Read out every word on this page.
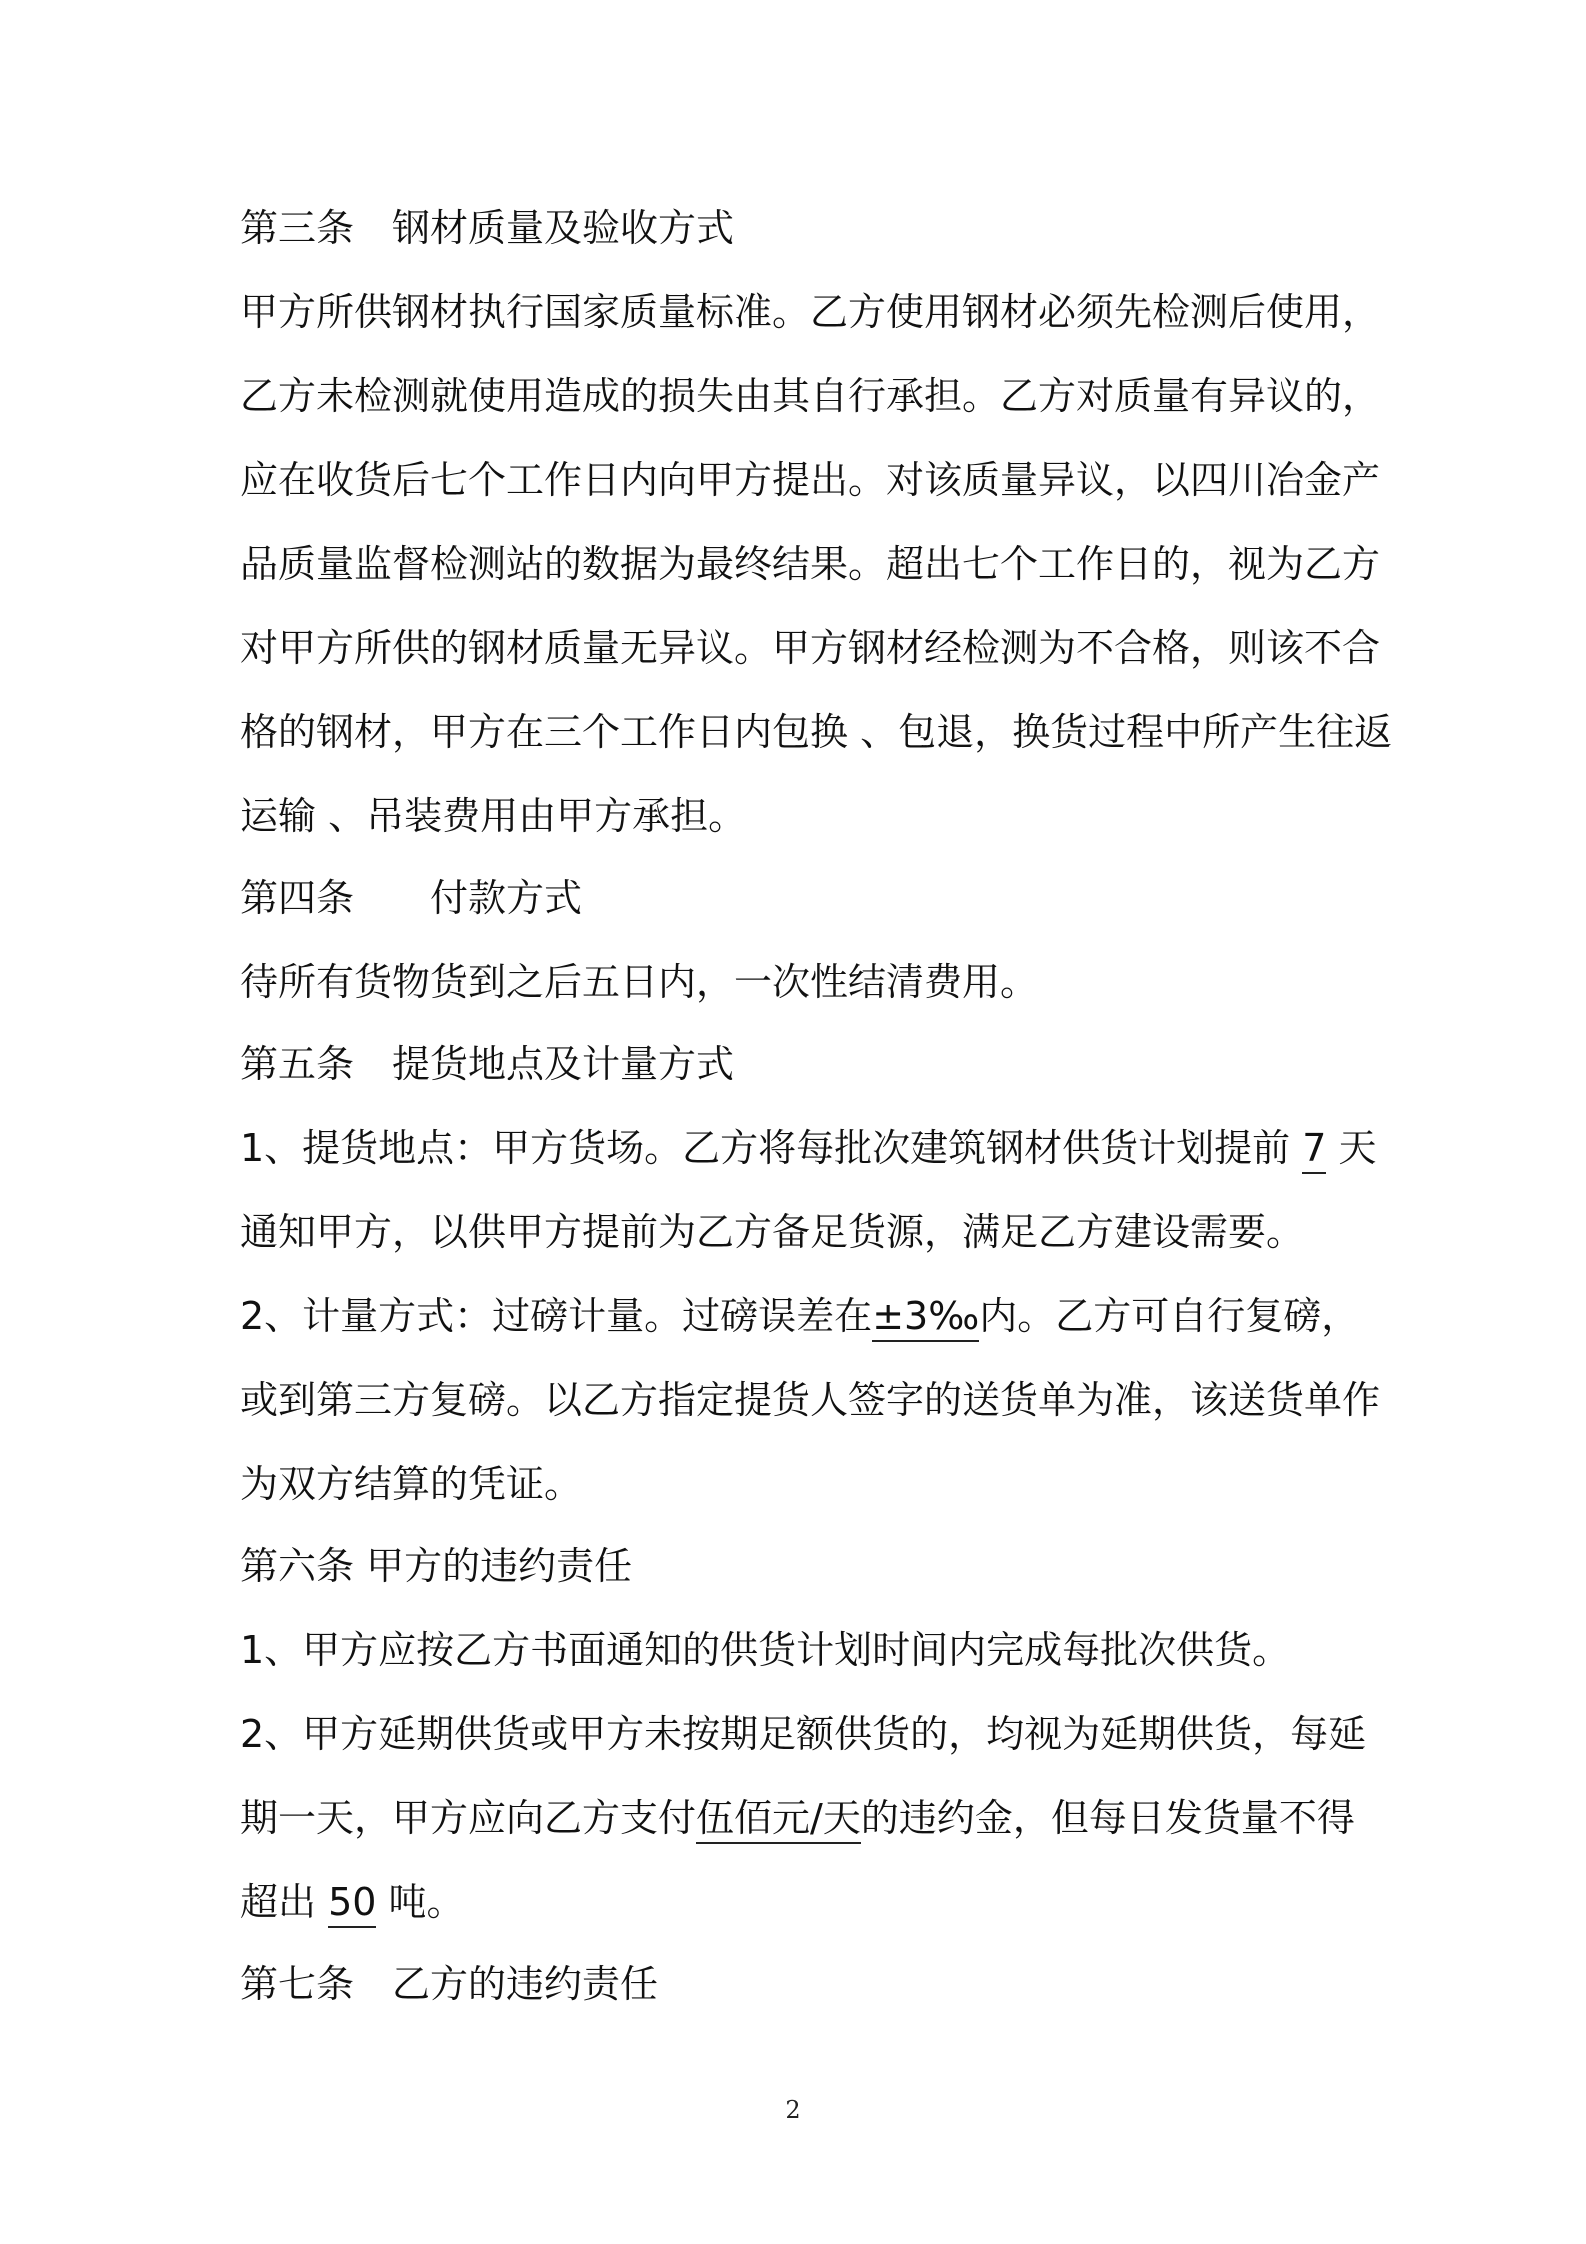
第三条　钢材质量及验收方式
甲方所供钢材执行国家质量标准。乙方使用钢材必须先检测后使用，
乙方未检测就使用造成的损失由其自行承担。乙方对质量有异议的，
应在收货后七个工作日内向甲方提出。对该质量异议，以四川冶金产
品质量监督检测站的数据为最终结果。超出七个工作日的，视为乙方
对甲方所供的钢材质量无异议。甲方钢材经检测为不合格，则该不合
格的钢材，甲方在三个工作日内包换 、包退，换货过程中所产生往返
运输 、吊装费用由甲方承担。
第四条　　付款方式
待所有货物货到之后五日内，一次性结清费用。
第五条　提货地点及计量方式
1、提货地点：甲方货场。乙方将每批次建筑钢材供货计划提前 7 天
通知甲方，以供甲方提前为乙方备足货源，满足乙方建设需要。
2、计量方式：过磅计量。过磅误差在±3‰内。乙方可自行复磅，
或到第三方复磅。以乙方指定提货人签字的送货单为准，该送货单作
为双方结算的凭证。
第六条 甲方的违约责任
1、甲方应按乙方书面通知的供货计划时间内完成每批次供货。
2、甲方延期供货或甲方未按期足额供货的，均视为延期供货，每延
期一天，甲方应向乙方支付伍佰元/天的违约金，但每日发货量不得
超出 50 吨。
第七条　乙方的违约责任
2
